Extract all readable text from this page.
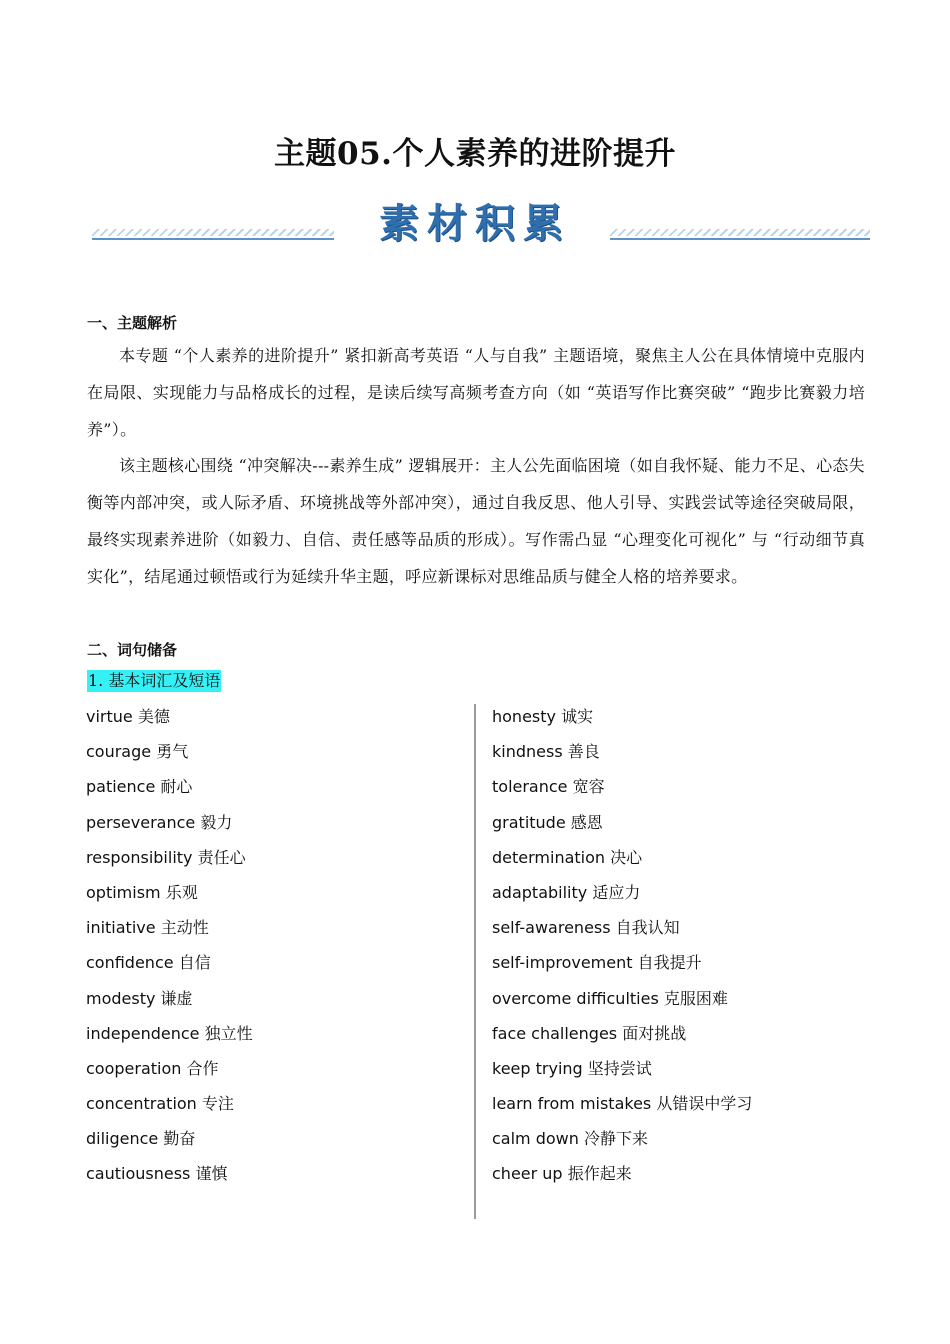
主题05.个人素养的进阶提升
素材积累
一、主题解析
本专题 “个人素养的进阶提升” 紧扣新高考英语 “人与自我” 主题语境，聚焦主人公在具体情境中克服内在局限、实现能力与品格成长的过程，是读后续写高频考查方向（如 “英语写作比赛突破” “跑步比赛毅力培养”）。
该主题核心围绕 “冲突解决---素养生成” 逻辑展开：主人公先面临困境（如自我怀疑、能力不足、心态失衡等内部冲突，或人际矛盾、环境挑战等外部冲突），通过自我反思、他人引导、实践尝试等途径突破局限，最终实现素养进阶（如毅力、自信、责任感等品质的形成）。写作需凸显 “心理变化可视化” 与 “行动细节真实化”，结尾通过顿悟或行为延续升华主题，呼应新课标对思维品质与健全人格的培养要求。
二、词句储备
1. 基本词汇及短语
virtue 美德
courage 勇气
patience 耐心
perseverance 毅力
responsibility 责任心
optimism 乐观
initiative 主动性
confidence 自信
modesty 谦虚
independence 独立性
cooperation 合作
concentration 专注
diligence 勤奋
cautiousness 谨慎
honesty 诚实
kindness 善良
tolerance 宽容
gratitude 感恩
determination 决心
adaptability 适应力
self-awareness 自我认知
self-improvement 自我提升
overcome difficulties 克服困难
face challenges 面对挑战
keep trying 坚持尝试
learn from mistakes 从错误中学习
calm down 冷静下来
cheer up 振作起来
